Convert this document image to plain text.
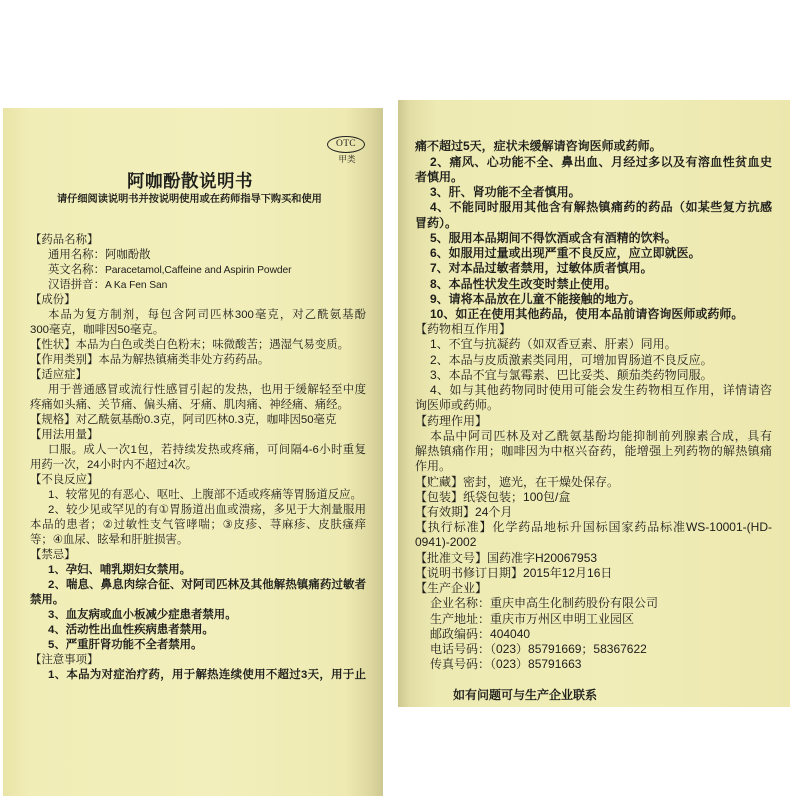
OTC
甲类
阿咖酚散说明书
请仔细阅读说明书并按说明使用或在药师指导下购买和使用
【药品名称】
通用名称：阿咖酚散
英文名称：Paracetamol,Caffeine and Aspirin Powder
汉语拼音：A Ka Fen San
【成份】
本品为复方制剂，每包含阿司匹林300毫克，对乙酰氨基酚
300毫克，咖啡因50毫克。
【性状】本品为白色或类白色粉末；味微酸苦；遇湿气易变质。
【作用类别】本品为解热镇痛类非处方药药品。
【适应症】
用于普通感冒或流行性感冒引起的发热，也用于缓解轻至中度
疼痛如头痛、关节痛、偏头痛、牙痛、肌肉痛、神经痛、痛经。
【规格】对乙酰氨基酚0.3克，阿司匹林0.3克，咖啡因50毫克
【用法用量】
口服。成人一次1包，若持续发热或疼痛，可间隔4-6小时重复
用药一次，24小时内不超过4次。
【不良反应】
1、较常见的有恶心、呕吐、上腹部不适或疼痛等胃肠道反应。
2、较少见或罕见的有①胃肠道出血或溃疡，多见于大剂量服用
本品的患者；②过敏性支气管哮喘；③皮疹、荨麻疹、皮肤瘙痒
等；④血尿、眩晕和肝脏损害。
【禁忌】
1、孕妇、哺乳期妇女禁用。
2、喘息、鼻息肉综合征、对阿司匹林及其他解热镇痛药过敏者
禁用。
3、血友病或血小板减少症患者禁用。
4、活动性出血性疾病患者禁用。
5、严重肝肾功能不全者禁用。
【注意事项】
1、本品为对症治疗药，用于解热连续使用不超过3天，用于止
痛不超过5天，症状未缓解请咨询医师或药师。
2、痛风、心功能不全、鼻出血、月经过多以及有溶血性贫血史
者慎用。
3、肝、肾功能不全者慎用。
4、不能同时服用其他含有解热镇痛药的药品（如某些复方抗感
冒药）。
5、服用本品期间不得饮酒或含有酒精的饮料。
6、如服用过量或出现严重不良反应，应立即就医。
7、对本品过敏者禁用，过敏体质者慎用。
8、本品性状发生改变时禁止使用。
9、请将本品放在儿童不能接触的地方。
10、如正在使用其他药品，使用本品前请咨询医师或药师。
【药物相互作用】
1、不宜与抗凝药（如双香豆素、肝素）同用。
2、本品与皮质激素类同用，可增加胃肠道不良反应。
3、本品不宜与氯霉素、巴比妥类、颠茄类药物同服。
4、如与其他药物同时使用可能会发生药物相互作用，详情请咨
询医师或药师。
【药理作用】
本品中阿司匹林及对乙酰氨基酚均能抑制前列腺素合成，具有
解热镇痛作用；咖啡因为中枢兴奋药，能增强上列药物的解热镇痛
作用。
【贮藏】密封，遮光，在干燥处保存。
【包装】纸袋包装；100包/盒
【有效期】24个月
【执行标准】化学药品地标升国标国家药品标准WS-10001-(HD-
0941)-2002
【批准文号】国药准字H20067953
【说明书修订日期】2015年12月16日
【生产企业】
企业名称：重庆申高生化制药股份有限公司
生产地址：重庆市万州区申明工业园区
邮政编码：404040
电话号码：（023）85791669；58367622
传真号码：（023）85791663
如有问题可与生产企业联系
